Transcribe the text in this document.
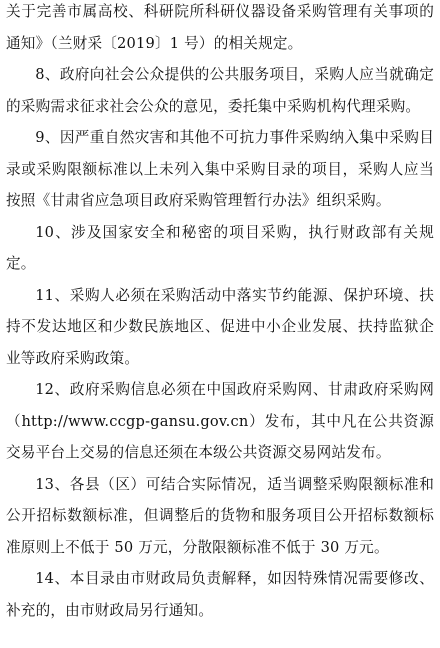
关于完善市属高校、科研院所科研仪器设备采购管理有关事项的通知》（兰财采〔2019〕1 号）的相关规定。

8、政府向社会公众提供的公共服务项目，采购人应当就确定的采购需求征求社会公众的意见，委托集中采购机构代理采购。

9、因严重自然灾害和其他不可抗力事件采购纳入集中采购目录或采购限额标准以上未列入集中采购目录的项目，采购人应当按照《甘肃省应急项目政府采购管理暂行办法》组织采购。

10、涉及国家安全和秘密的项目采购，执行财政部有关规定。

11、采购人必须在采购活动中落实节约能源、保护环境、扶持不发达地区和少数民族地区、促进中小企业发展、扶持监狱企业等政府采购政策。

12、政府采购信息必须在中国政府采购网、甘肃政府采购网（http://www.ccgp-gansu.gov.cn）发布，其中凡在公共资源交易平台上交易的信息还须在本级公共资源交易网站发布。

13、各县（区）可结合实际情况，适当调整采购限额标准和公开招标数额标准，但调整后的货物和服务项目公开招标数额标准原则上不低于 50 万元，分散限额标准不低于 30 万元。

14、本目录由市财政局负责解释，如因特殊情况需要修改、补充的，由市财政局另行通知。
